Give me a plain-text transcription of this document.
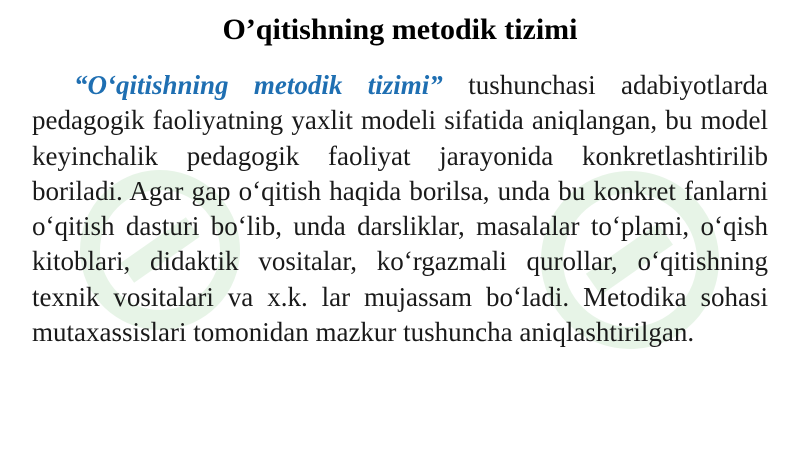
O’qitishning metodik tizimi

“O‘qitishning metodik tizimi” tushunchasi adabiyotlarda pedagogik faoliyatning yaxlit modeli sifatida aniqlangan, bu model keyinchalik pedagogik faoliyat jarayonida konkretlashtirilib boriladi. Agar gap o‘qitish haqida borilsa, unda bu konkret fanlarni o‘qitish dasturi bo‘lib, unda darsliklar, masalalar to‘plami, o‘qish kitoblari, didaktik vositalar, ko‘rgazmali qurollar, o‘qitishning texnik vositalari va x.k. lar mujassam bo‘ladi. Metodika sohasi mutaxassislari tomonidan mazkur tushuncha aniqlashtirilgan.
